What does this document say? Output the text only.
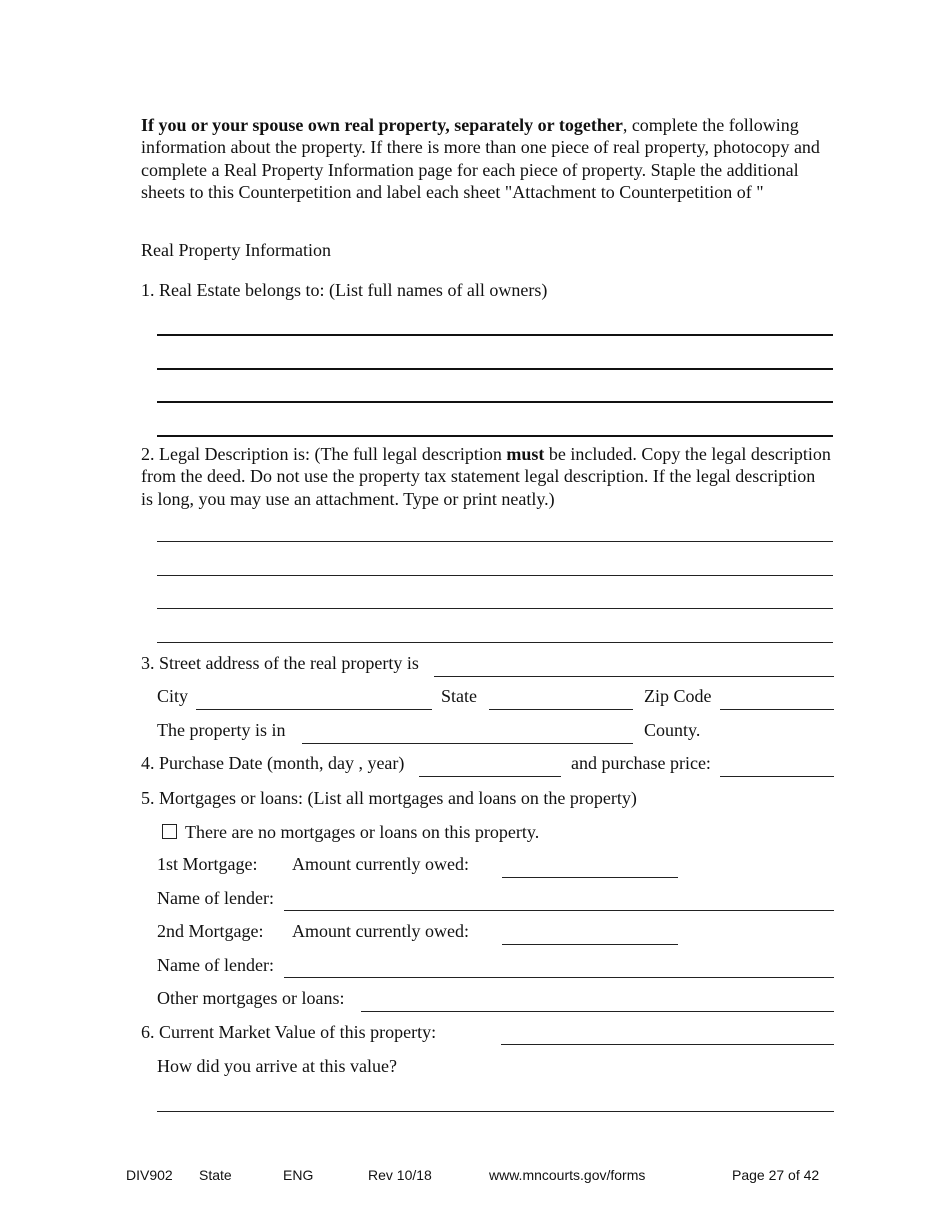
If you or your spouse own real property, separately or together, complete the following information about the property. If there is more than one piece of real property, photocopy and complete a Real Property Information page for each piece of property. Staple the additional sheets to this Counterpetition and label each sheet "Attachment to Counterpetition of "
Real Property Information
1. Real Estate belongs to: (List full names of all owners)
2. Legal Description is: (The full legal description must be included. Copy the legal description from the deed. Do not use the property tax statement legal description. If the legal description is long, you may use an attachment. Type or print neatly.)
3. Street address of the real property is
City	State	Zip Code
The property is in	County.
4. Purchase Date (month, day , year)	and purchase price:
5. Mortgages or loans: (List all mortgages and loans on the property)
There are no mortgages or loans on this property.
1st Mortgage: Amount currently owed:
Name of lender:
2nd Mortgage: Amount currently owed:
Name of lender:
Other mortgages or loans:
6. Current Market Value of this property:
How did you arrive at this value?
DIV902 State	ENG	Rev 10/18	www.mncourts.gov/forms	Page 27 of 42
